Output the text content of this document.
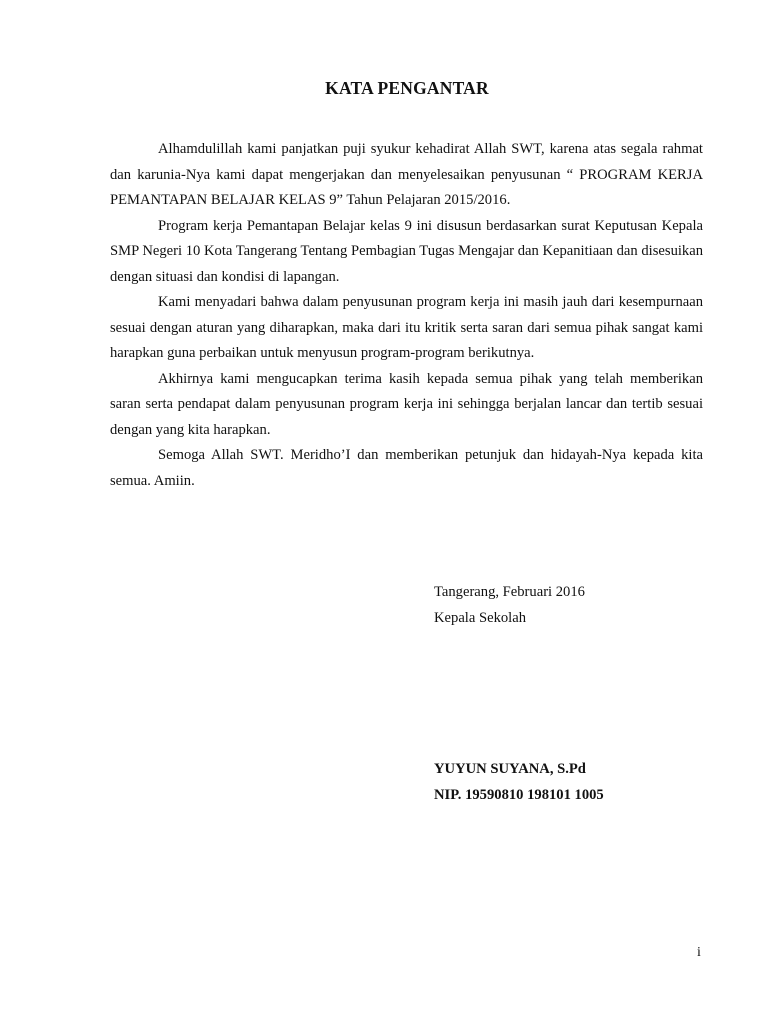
KATA PENGANTAR

Alhamdulillah kami panjatkan puji syukur kehadirat Allah SWT, karena atas segala rahmat dan karunia-Nya kami dapat mengerjakan dan menyelesaikan penyusunan “ PROGRAM KERJA PEMANTAPAN BELAJAR KELAS 9” Tahun Pelajaran 2015/2016.

Program kerja Pemantapan Belajar kelas 9 ini disusun berdasarkan surat Keputusan Kepala SMP Negeri 10 Kota Tangerang Tentang Pembagian Tugas Mengajar dan Kepanitiaan dan disesuikan dengan situasi dan kondisi di lapangan.

Kami menyadari bahwa dalam penyusunan program kerja ini masih jauh dari kesempurnaan sesuai dengan aturan yang diharapkan, maka dari itu kritik serta saran dari semua pihak sangat kami harapkan guna perbaikan untuk menyusun program-program berikutnya.

Akhirnya kami mengucapkan terima kasih kepada semua pihak yang telah memberikan saran serta pendapat dalam penyusunan program kerja ini sehingga berjalan lancar dan tertib sesuai dengan yang kita harapkan.

Semoga Allah SWT. Meridho’I dan memberikan petunjuk dan hidayah-Nya kepada kita semua. Amiin.

Tangerang, Februari 2016
Kepala Sekolah
YUYUN SUYANA, S.Pd
NIP. 19590810 198101 1005
i
